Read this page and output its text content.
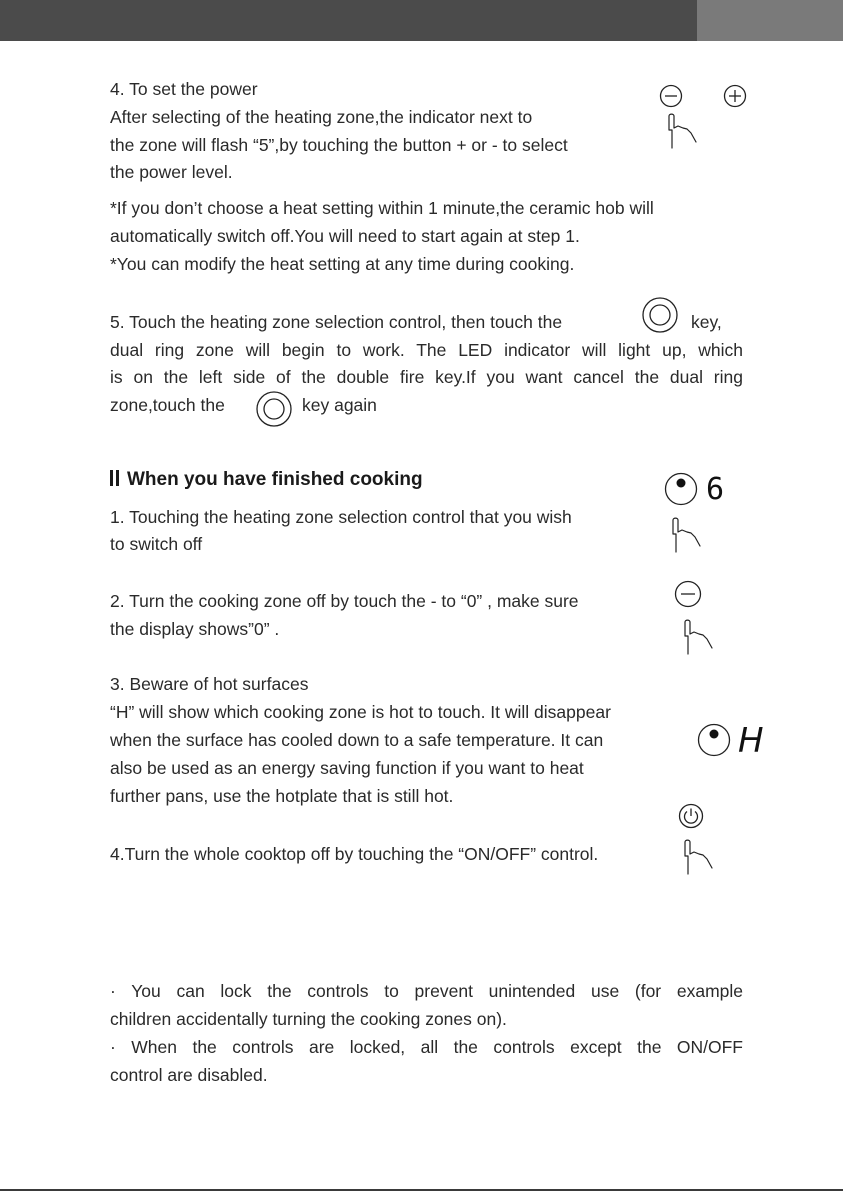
4. To set the power
After selecting of the heating zone,the indicator next to
the zone will flash “5”,by touching the button + or - to select
the power level.
*If you don’t choose a heat setting within 1 minute,the ceramic hob will
automatically switch off.You will need to start again at step 1.
*You can modify the heat setting at any time during cooking.
5. Touch the heating zone selection control, then touch the	key,
dual ring zone will begin to work. The LED indicator will light up, which
is on the left side of the double fire key.If you want cancel the dual ring
zone,touch the	key again
When you have finished cooking
1. Touching the heating zone selection control that you wish
to switch off
6
2. Turn the cooking zone off by touch the - to “0” , make sure
the display shows”0” .
3. Beware of hot surfaces
“H” will show which cooking zone is hot to touch. It will disappear
when the surface has cooled down to a safe temperature. It can
also be used as an energy saving function if you want to heat
further pans, use the hotplate that is still hot.
H
4.Turn the whole cooktop off by touching the “ON/OFF” control.
· You can lock the controls to prevent unintended use (for example
children accidentally turning the cooking zones on).
· When the controls are locked, all the controls except the ON/OFF
control are disabled.
